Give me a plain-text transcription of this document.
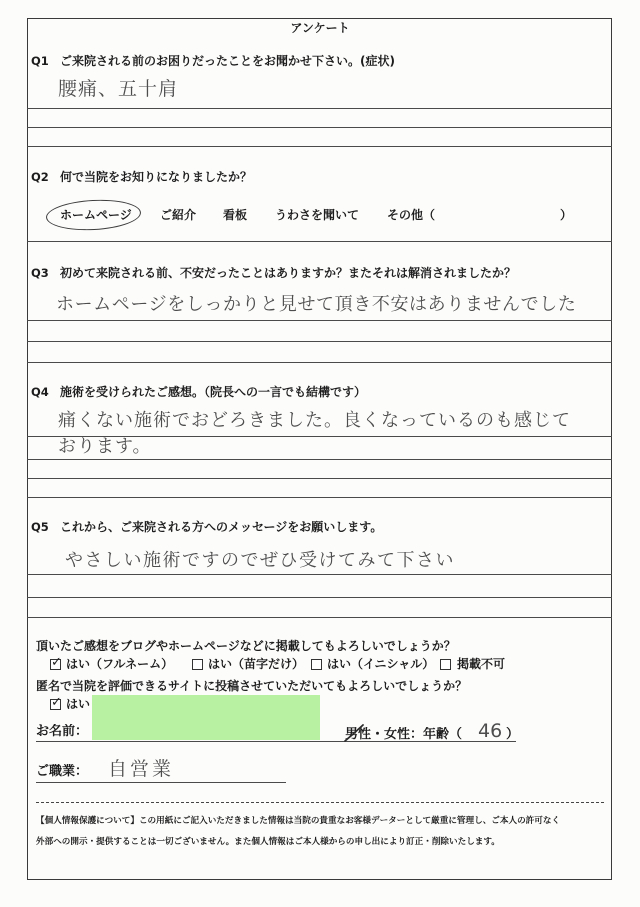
アンケート
Q1 ご来院される前のお困りだったことをお聞かせ下さい。(症状)
腰痛、五十肩
Q2 何で当院をお知りになりましたか？
ホームページ	ご紹介	看板	うわさを聞いて	その他（	）
Q3 初めて来院される前、不安だったことはありますか？またそれは解消されましたか？
ホームページをしっかりと見せて頂き不安はありませんでした
Q4 施術を受けられたご感想。（院長への一言でも結構です）
痛くない施術でおどろきました。良くなっているのも感じて
おります。
Q5 これから、ご来院される方へのメッセージをお願いします。
やさしい施術ですのでぜひ受けてみて下さい
頂いたご感想をブログやホームページなどに掲載してもよろしいでしょうか？
✓
はい（フルネーム）	はい（苗字だけ）	はい（イニシャル）	掲載不可
匿名で当院を評価できるサイトに投稿させていただいてもよろしいでしょうか？
✓
はい
お名前：	男性 ・ 女性 ：年齢（ 46 ）
ご職業：	自営業
【個人情報保護について】この用紙にご記入いただきました情報は当院の貴重なお客様データーとして厳重に管理し、ご本人の許可なく
外部への開示・提供することは一切ございません。また個人情報はご本人様からの申し出により訂正・削除いたします。
